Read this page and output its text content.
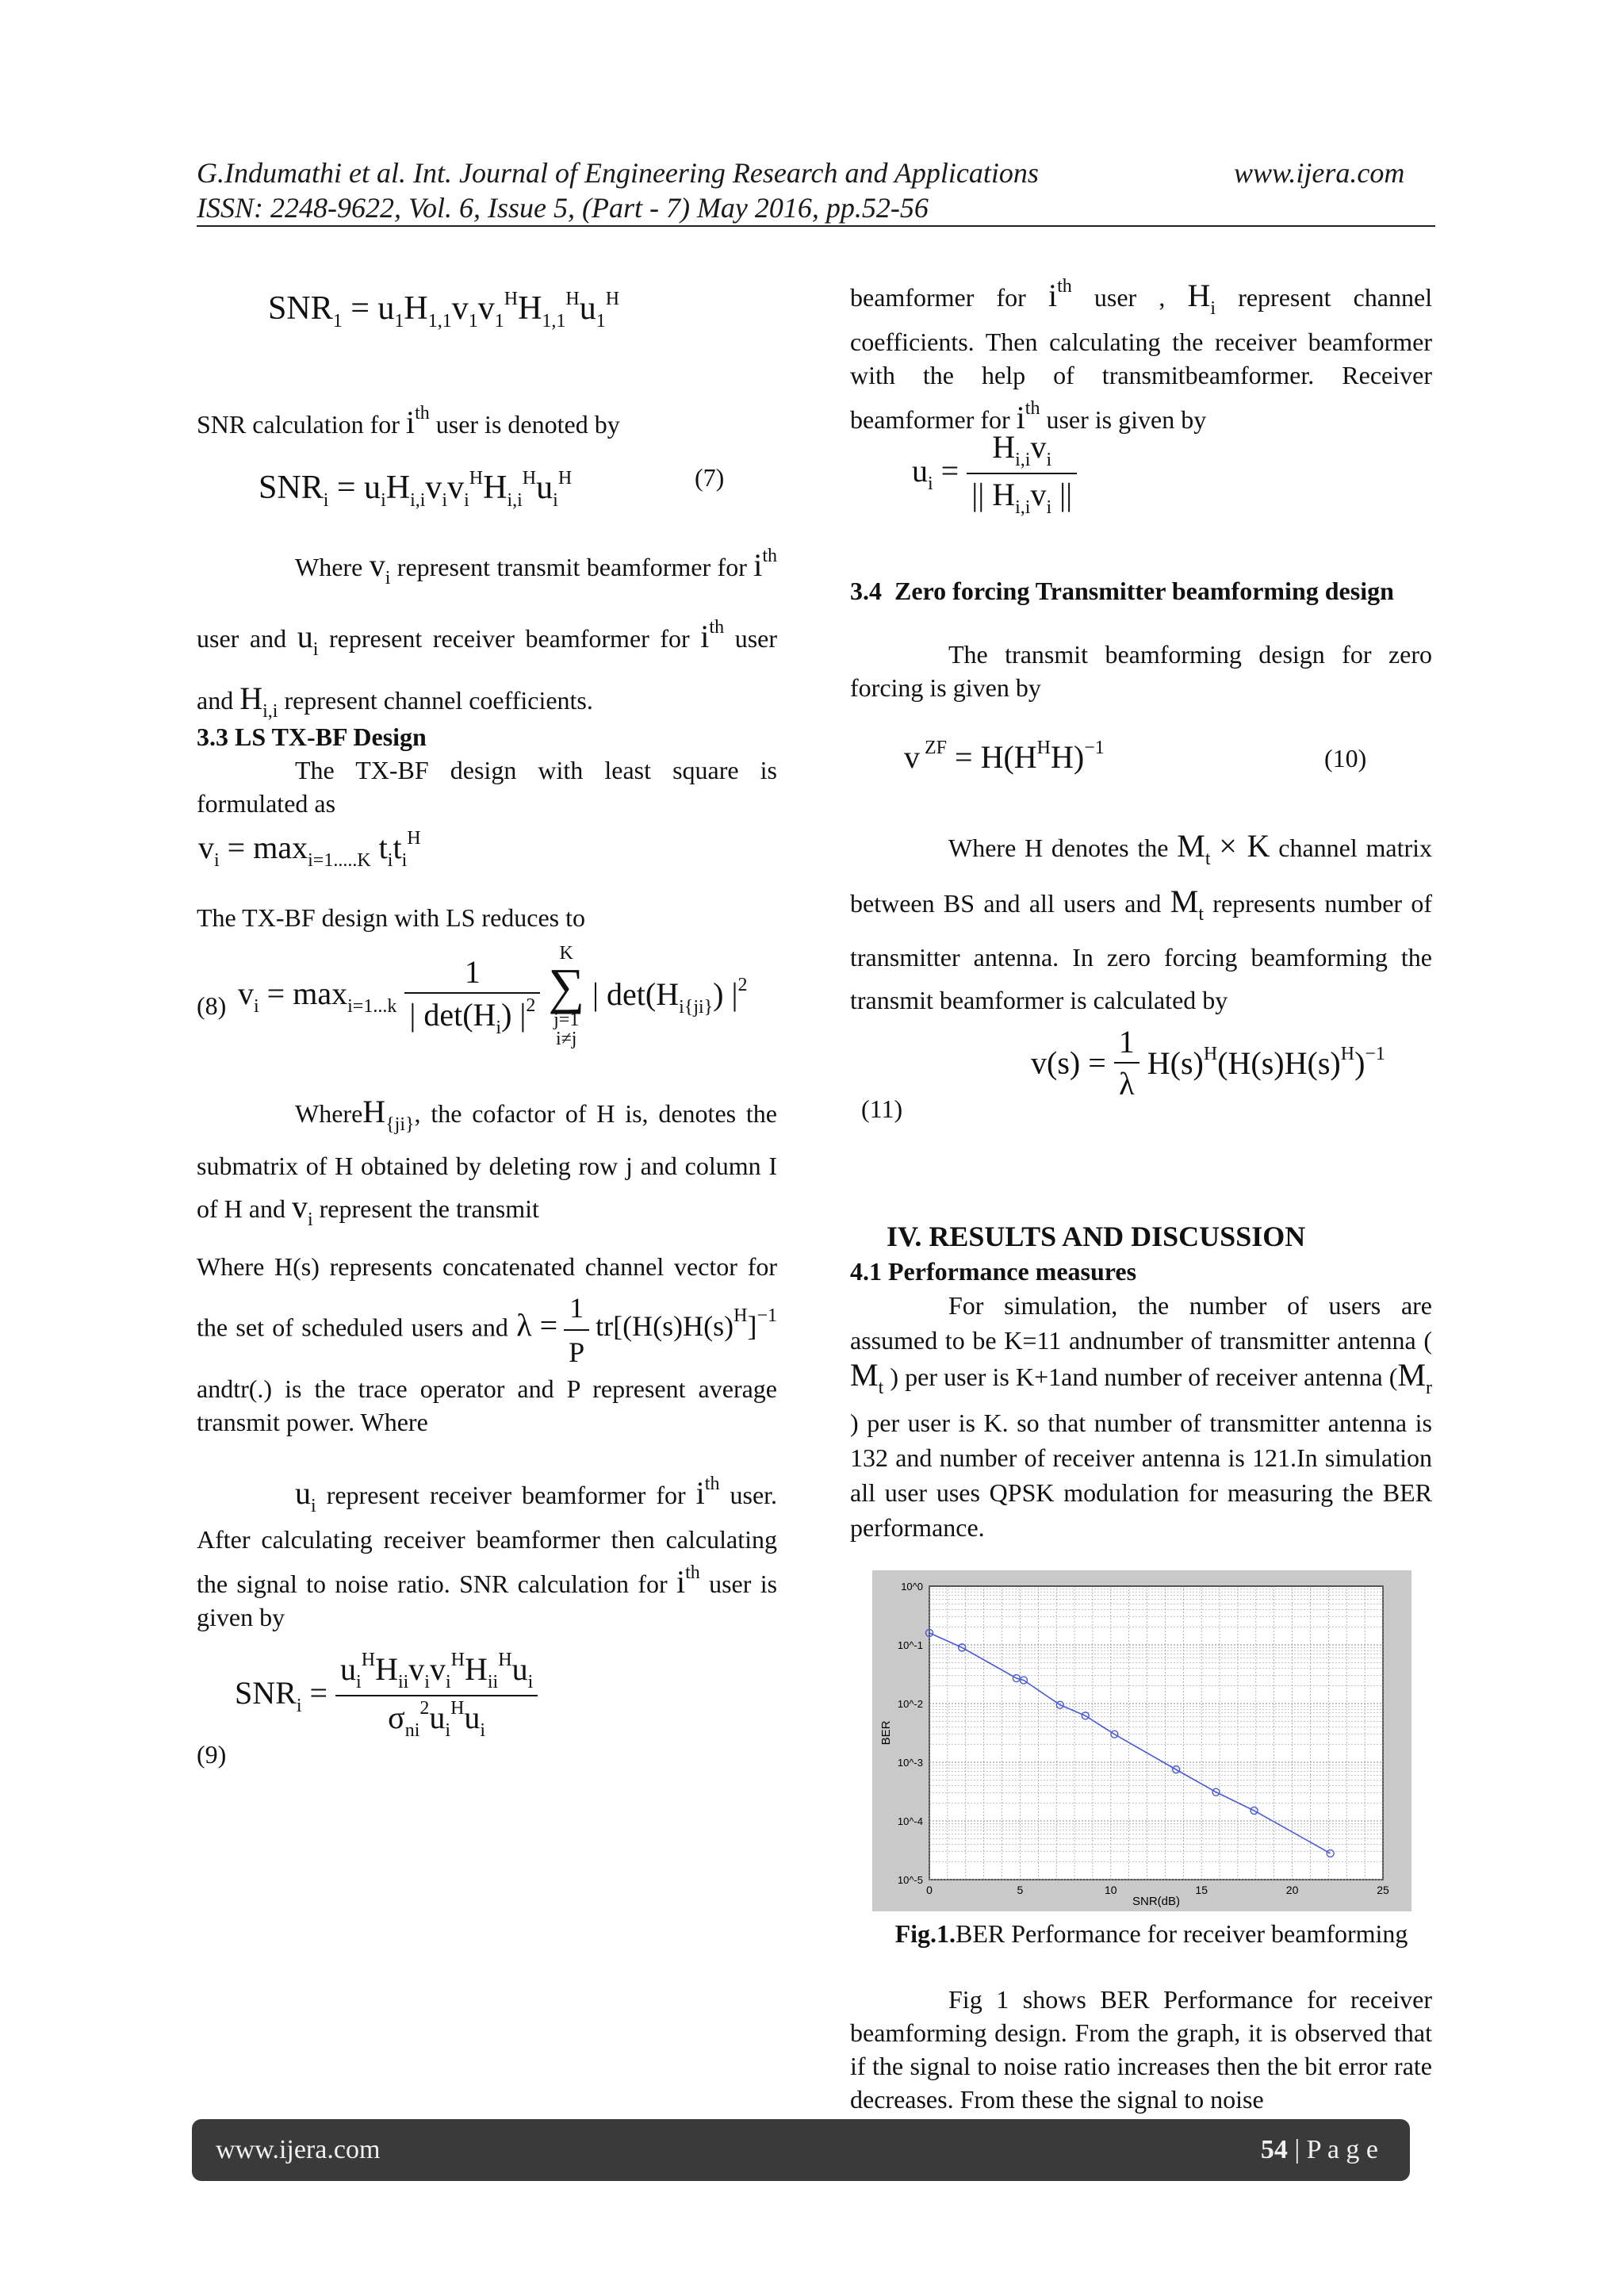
G.Indumathi et al. Int. Journal of Engineering Research and Applications	www.ijera.com
ISSN: 2248-9622, Vol. 6, Issue 5, (Part - 7) May 2016, pp.52-56
$SNR_1 = u_1H_{1,1}v_1v_1^HH_{1,1}^Hu_1^H$
SNR calculation for $i^{th}$ user is denoted by
$SNR_i = u_iH_{i,i}v_iv_i^HH_{i,i}^Hu_i^H$	(7)
Where $v_i$ represent transmit beamformer for $i^{th}$ user and $u_i$ represent receiver beamformer for $i^{th}$ user and $H_{i,i}$ represent channel coefficients.
3.3 LS TX-BF Design
The TX-BF design with least square is formulated as
$v_i = \max_{i=1.....K} t_it_i^H$
The TX-BF design with LS reduces to
$v_i = \max_{i=1...k} \frac{1}{| \det(H_i) |^2}$ K
∑
j=1
i≠j | $\det(H_{i\{ji\}})$ $|^2$
(8)
WhereH$_{\{ji\}}$, the cofactor of H is, denotes the submatrix of H obtained by deleting row j and column I of H and $v_i$ represent the transmit
Where H(s) represents concatenated channel vector for the set of scheduled users and $\lambda = \frac{1}{P} tr[(H(s)H(s)^H]^{-1}$ andtr(.) is the trace operator and P represent average transmit power. Where
$u_i$ represent receiver beamformer for $i^{th}$ user. After calculating receiver beamformer then calculating the signal to noise ratio. SNR calculation for $i^{th}$ user is given by
$SNR_i = \frac{u_i^HH_{ii}v_iv_i^HH_{ii}^Hu_i}{\sigma_{ni}^2u_i^Hu_i}$
(9)
beamformer for $i^{th}$ user , $H_i$ represent channel coefficients. Then calculating the receiver beamformer with the help of transmitbeamformer. Receiver beamformer for $i^{th}$ user is given by
$u_i = \frac{H_{i,i}v_i}{|| H_{i,i}v_i ||}$
3.4 Zero forcing Transmitter beamforming design
The transmit beamforming design for zero forcing is given by
v $^{ZF} = H(H^HH)^{-1}$	(10)
Where H denotes the $M_t \times K$ channel matrix between BS and all users and $M_t$ represents number of transmitter antenna. In zero forcing beamforming the transmit beamformer is calculated by
$v(s) = \frac{1}{\lambda} H(s)^H(H(s)H(s)^H)^{-1}$
(11)
IV. RESULTS AND DISCUSSION
4.1 Performance measures
For simulation, the number of users are assumed to be K=11 andnumber of transmitter antenna ( $M_t$ ) per user is K+1and number of receiver antenna ($M_r$ ) per user is K. so that number of transmitter antenna is 132 and number of receiver antenna is 121.In simulation all user uses QPSK modulation for measuring the BER performance.
0	5	10	15	20	25
10^0
10^-1
10^-2
10^-3
10^-4
10^-5
SNR(dB)
BER
Fig.1.BER Performance for receiver beamforming
Fig 1 shows BER Performance for receiver beamforming design. From the graph, it is observed that if the signal to noise ratio increases then the bit error rate decreases. From these the signal to noise
www.ijera.com	54 | P a g e
